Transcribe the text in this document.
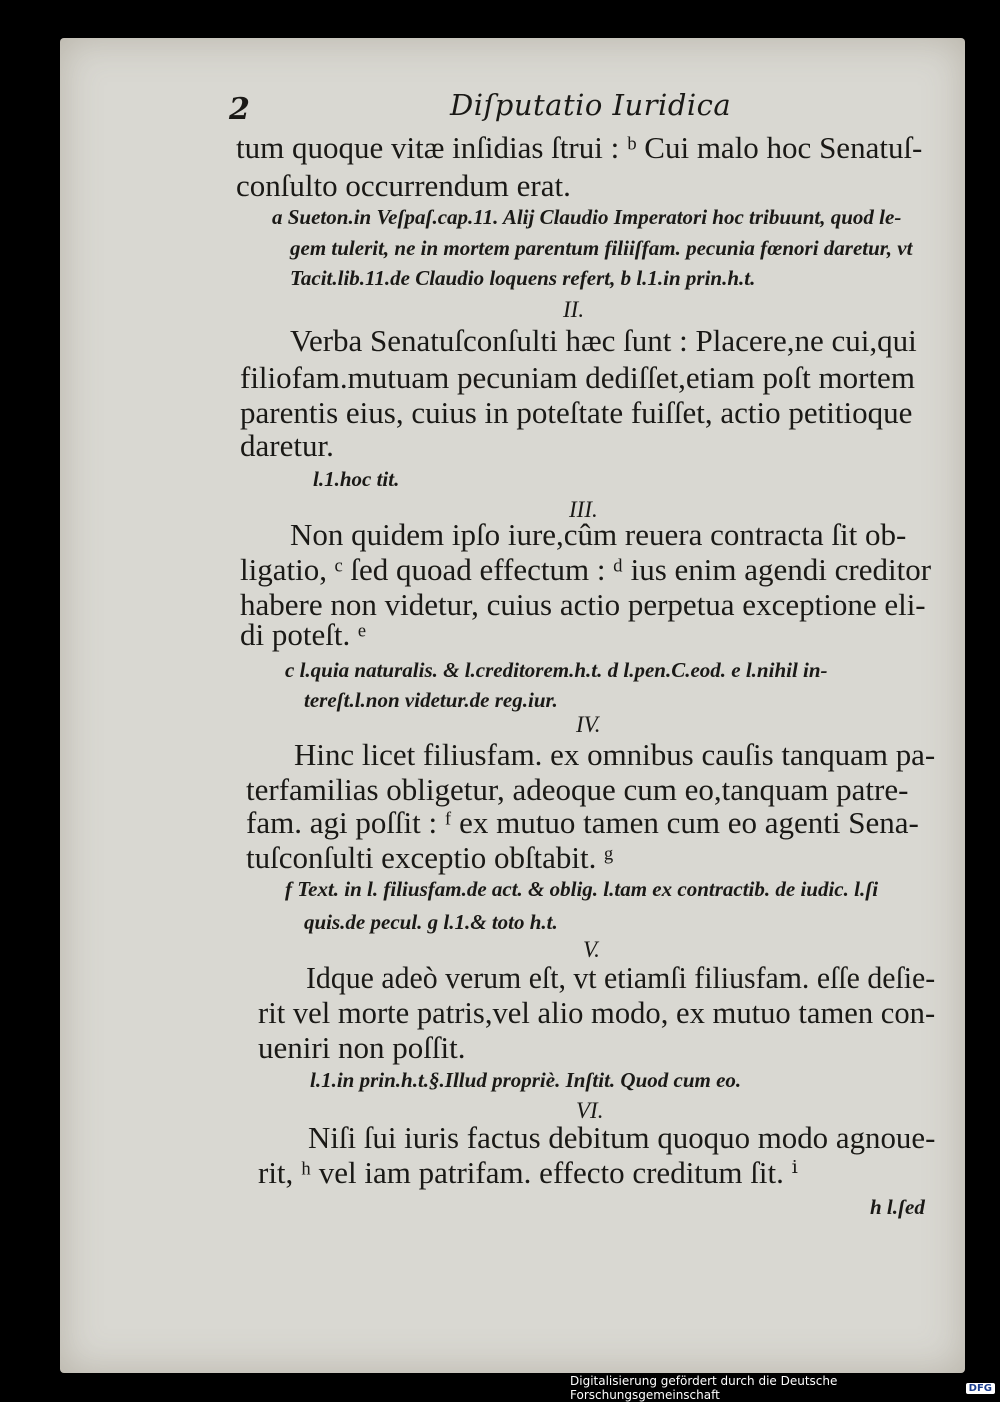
2	Diſputatio Iuridica
tum quoque vitæ inſidias ſtrui : ᵇ Cui malo hoc Senatuſ-
conſulto occurrendum erat.
a Sueton.in Veſpaſ.cap.11. Alij Claudio Imperatori hoc tribuunt, quod le-
gem tulerit, ne in mortem parentum filiiſfam. pecunia fœnori daretur, vt
Tacit.lib.11.de Claudio loquens refert, b l.1.in prin.h.t.
II.
Verba Senatuſconſulti hæc ſunt : Placere,ne cui,qui
filiofam.mutuam pecuniam dediſſet,etiam poſt mortem
parentis eius, cuius in poteſtate fuiſſet, actio petitioque
daretur.
l.1.hoc tit.
III.
Non quidem ipſo iure,cûm reuera contracta ſit ob-
ligatio, ᶜ ſed quoad effectum : ᵈ ius enim agendi creditor
habere non videtur, cuius actio perpetua exceptione eli-
di poteſt. ᵉ
c l.quia naturalis. & l.creditorem.h.t. d l.pen.C.eod. e l.nihil in-
tereſt.l.non videtur.de reg.iur.
IV.
Hinc licet filiusfam. ex omnibus cauſis tanquam pa-
terfamilias obligetur, adeoque cum eo,tanquam patre-
fam. agi poſſit : ᶠ ex mutuo tamen cum eo agenti Sena-
tuſconſulti exceptio obſtabit. ᵍ
f Text. in l. filiusfam.de act. & oblig. l.tam ex contractib. de iudic. l.ſi
quis.de pecul. g l.1.& toto h.t.
V.
Idque adeò verum eſt, vt etiamſi filiusfam. eſſe deſie-
rit vel morte patris,vel alio modo, ex mutuo tamen con-
ueniri non poſſit.
l.1.in prin.h.t.§.Illud propriè. Inſtit. Quod cum eo.
VI.
Niſi ſui iuris factus debitum quoquo modo agnoue-
rit, ʰ vel iam patrifam. effecto creditum ſit. ⁱ
h l.ſed
Digitalisierung gefördert durch die Deutsche Forschungsgemeinschaft	DFG
